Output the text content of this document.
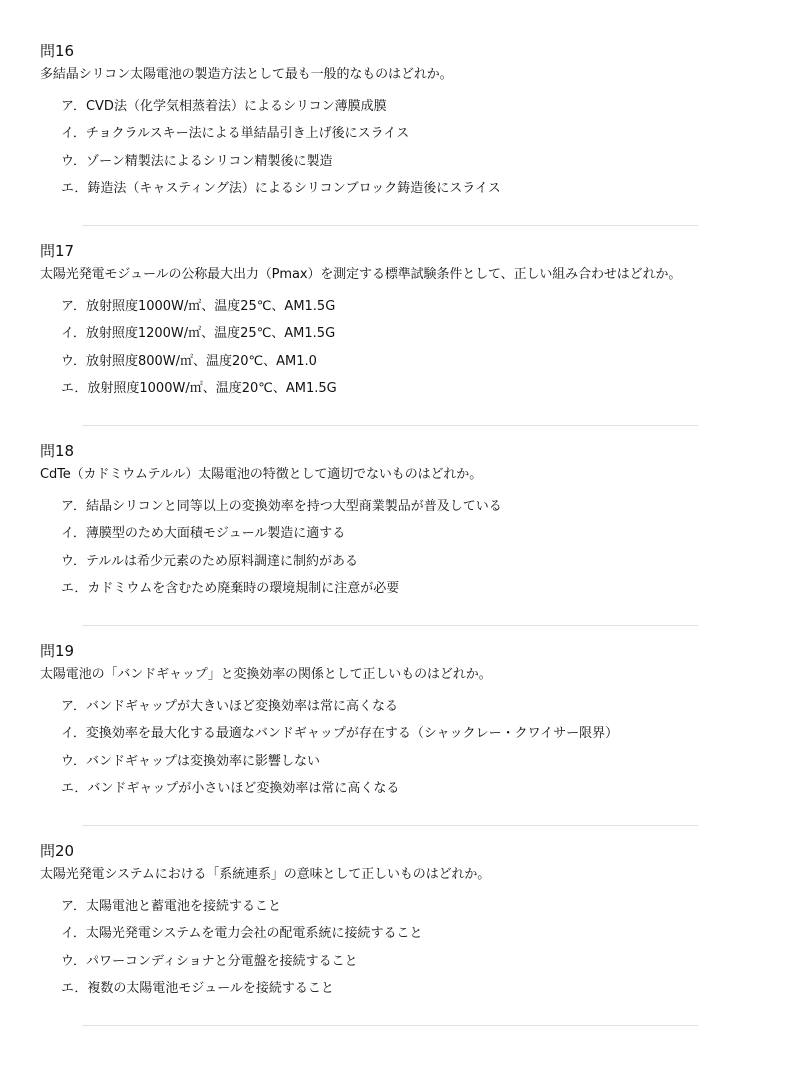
問16
多結晶シリコン太陽電池の製造方法として最も一般的なものはどれか。
ア．CVD法（化学気相蒸着法）によるシリコン薄膜成膜
イ．チョクラルスキー法による単結晶引き上げ後にスライス
ウ．ゾーン精製法によるシリコン精製後に製造
エ．鋳造法（キャスティング法）によるシリコンブロック鋳造後にスライス
問17
太陽光発電モジュールの公称最大出力（Pmax）を測定する標準試験条件として、正しい組み合わせはどれか。
ア．放射照度1000W/㎡、温度25℃、AM1.5G
イ．放射照度1200W/㎡、温度25℃、AM1.5G
ウ．放射照度800W/㎡、温度20℃、AM1.0
エ．放射照度1000W/㎡、温度20℃、AM1.5G
問18
CdTe（カドミウムテルル）太陽電池の特徴として適切でないものはどれか。
ア．結晶シリコンと同等以上の変換効率を持つ大型商業製品が普及している
イ．薄膜型のため大面積モジュール製造に適する
ウ．テルルは希少元素のため原料調達に制約がある
エ．カドミウムを含むため廃棄時の環境規制に注意が必要
問19
太陽電池の「バンドギャップ」と変換効率の関係として正しいものはどれか。
ア．バンドギャップが大きいほど変換効率は常に高くなる
イ．変換効率を最大化する最適なバンドギャップが存在する（シャックレー・クワイサー限界）
ウ．バンドギャップは変換効率に影響しない
エ．バンドギャップが小さいほど変換効率は常に高くなる
問20
太陽光発電システムにおける「系統連系」の意味として正しいものはどれか。
ア．太陽電池と蓄電池を接続すること
イ．太陽光発電システムを電力会社の配電系統に接続すること
ウ．パワーコンディショナと分電盤を接続すること
エ．複数の太陽電池モジュールを接続すること
